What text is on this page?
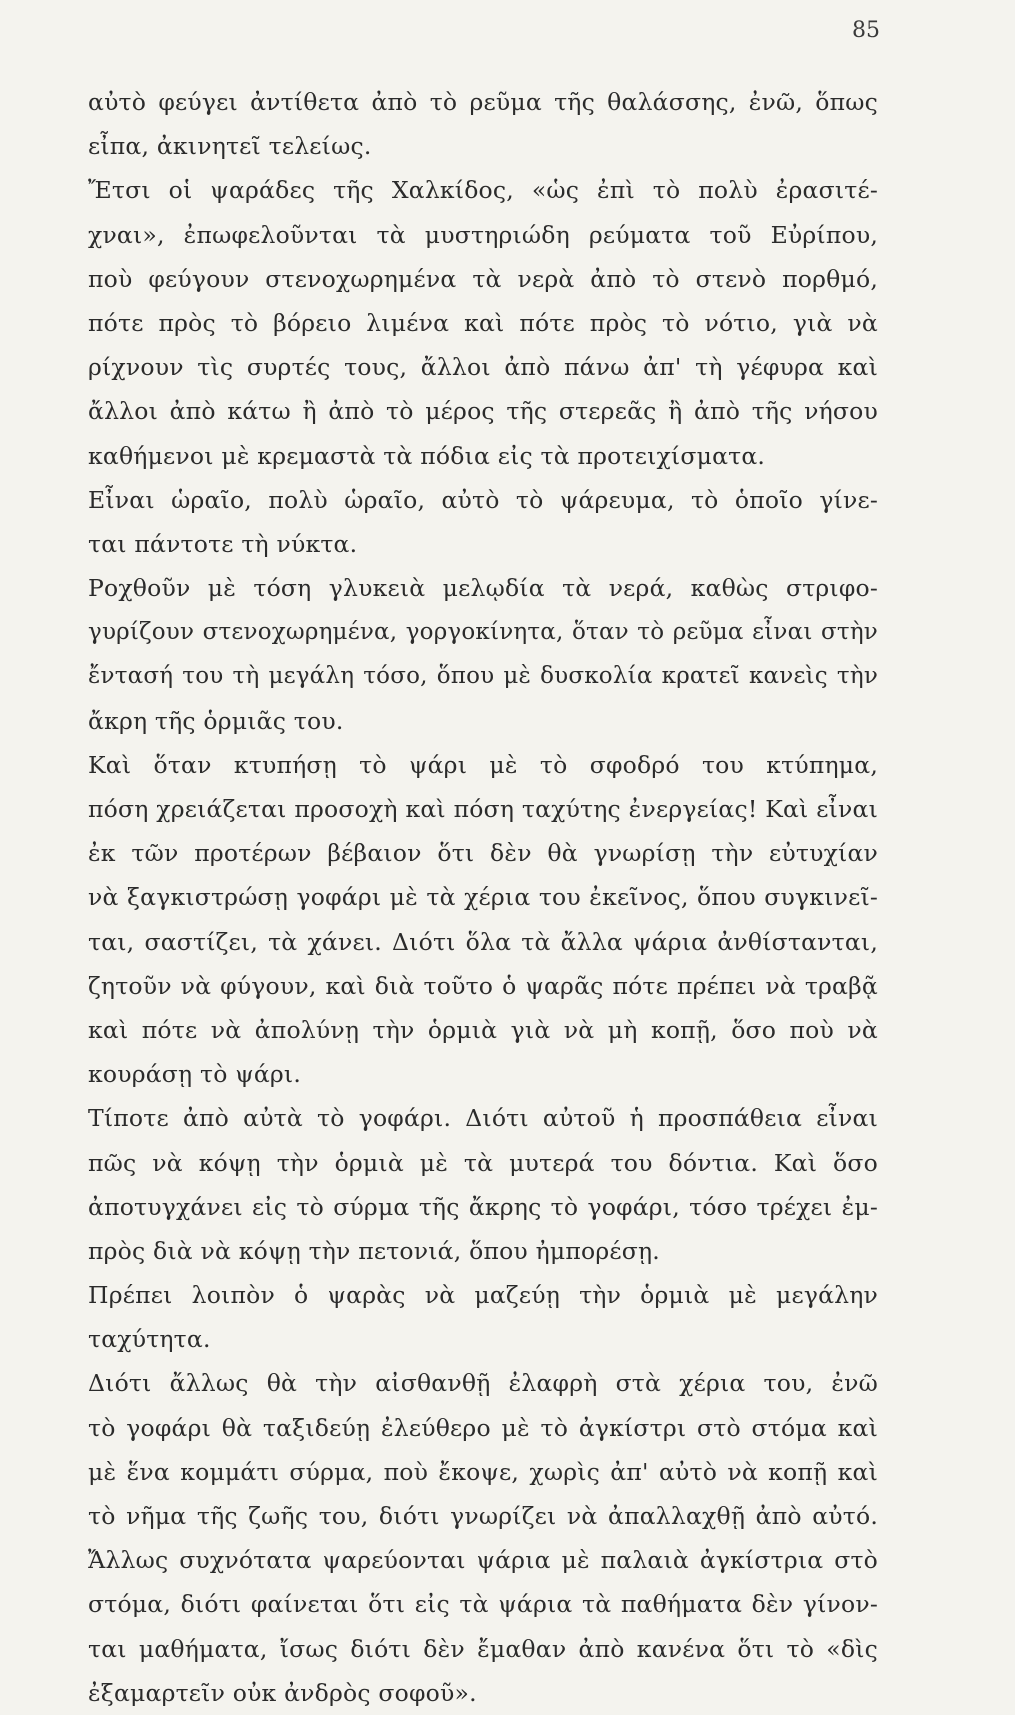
85
αὐτὸ φεύγει ἀντίθετα ἀπὸ τὸ ρεῦμα τῆς θαλάσσης, ἐνῶ, ὅπως
εἶπα, ἀκινητεῖ τελείως.
Ἔτσι οἱ ψαράδες τῆς Χαλκίδος, «ὡς ἐπὶ τὸ πολὺ ἐρασιτέ-
χναι», ἐπωφελοῦνται τὰ μυστηριώδη ρεύματα τοῦ Εὐρίπου,
ποὺ φεύγουν στενοχωρημένα τὰ νερὰ ἀπὸ τὸ στενὸ πορθμό,
πότε πρὸς τὸ βόρειο λιμένα καὶ πότε πρὸς τὸ νότιο, γιὰ νὰ
ρίχνουν τὶς συρτές τους, ἄλλοι ἀπὸ πάνω ἀπ' τὴ γέφυρα καὶ
ἄλλοι ἀπὸ κάτω ἢ ἀπὸ τὸ μέρος τῆς στερεᾶς ἢ ἀπὸ τῆς νήσου
καθήμενοι μὲ κρεμαστὰ τὰ πόδια εἰς τὰ προτειχίσματα.
Εἶναι ὡραῖο, πολὺ ὡραῖο, αὐτὸ τὸ ψάρευμα, τὸ ὁποῖο γίνε-
ται πάντοτε τὴ νύκτα.
Ροχθοῦν μὲ τόση γλυκειὰ μελῳδία τὰ νερά, καθὼς στριφο-
γυρίζουν στενοχωρημένα, γοργοκίνητα, ὅταν τὸ ρεῦμα εἶναι στὴν
ἔντασή του τὴ μεγάλη τόσο, ὅπου μὲ δυσκολία κρατεῖ κανεὶς τὴν
ἄκρη τῆς ὁρμιᾶς του.
Καὶ ὅταν κτυπήσῃ τὸ ψάρι μὲ τὸ σφοδρό του κτύπημα,
πόση χρειάζεται προσοχὴ καὶ πόση ταχύτης ἐνεργείας! Καὶ εἶναι
ἐκ τῶν προτέρων βέβαιον ὅτι δὲν θὰ γνωρίσῃ τὴν εὐτυχίαν
νὰ ξαγκιστρώσῃ γοφάρι μὲ τὰ χέρια του ἐκεῖνος, ὅπου συγκινεῖ-
ται, σαστίζει, τὰ χάνει. Διότι ὅλα τὰ ἄλλα ψάρια ἀνθίστανται,
ζητοῦν νὰ φύγουν, καὶ διὰ τοῦτο ὁ ψαρᾶς πότε πρέπει νὰ τραβᾷ
καὶ πότε νὰ ἀπολύνῃ τὴν ὁρμιὰ γιὰ νὰ μὴ κοπῇ, ὅσο ποὺ νὰ
κουράσῃ τὸ ψάρι.
Τίποτε ἀπὸ αὐτὰ τὸ γοφάρι. Διότι αὐτοῦ ἡ προσπάθεια εἶναι
πῶς νὰ κόψῃ τὴν ὁρμιὰ μὲ τὰ μυτερά του δόντια. Καὶ ὅσο
ἀποτυγχάνει εἰς τὸ σύρμα τῆς ἄκρης τὸ γοφάρι, τόσο τρέχει ἐμ-
πρὸς διὰ νὰ κόψῃ τὴν πετονιά, ὅπου ἠμπορέσῃ.
Πρέπει λοιπὸν ὁ ψαρὰς νὰ μαζεύῃ τὴν ὁρμιὰ μὲ μεγάλην
ταχύτητα.
Διότι ἄλλως θὰ τὴν αἰσθανθῇ ἐλαφρὴ στὰ χέρια του, ἐνῶ
τὸ γοφάρι θὰ ταξιδεύῃ ἐλεύθερο μὲ τὸ ἀγκίστρι στὸ στόμα καὶ
μὲ ἕνα κομμάτι σύρμα, ποὺ ἔκοψε, χωρὶς ἀπ' αὐτὸ νὰ κοπῇ καὶ
τὸ νῆμα τῆς ζωῆς του, διότι γνωρίζει νὰ ἀπαλλαχθῇ ἀπὸ αὐτό.
Ἄλλως συχνότατα ψαρεύονται ψάρια μὲ παλαιὰ ἀγκίστρια στὸ
στόμα, διότι φαίνεται ὅτι εἰς τὰ ψάρια τὰ παθήματα δὲν γίνον-
ται μαθήματα, ἴσως διότι δὲν ἔμαθαν ἀπὸ κανένα ὅτι τὸ «δὶς
ἐξαμαρτεῖν οὐκ ἀνδρὸς σοφοῦ».
